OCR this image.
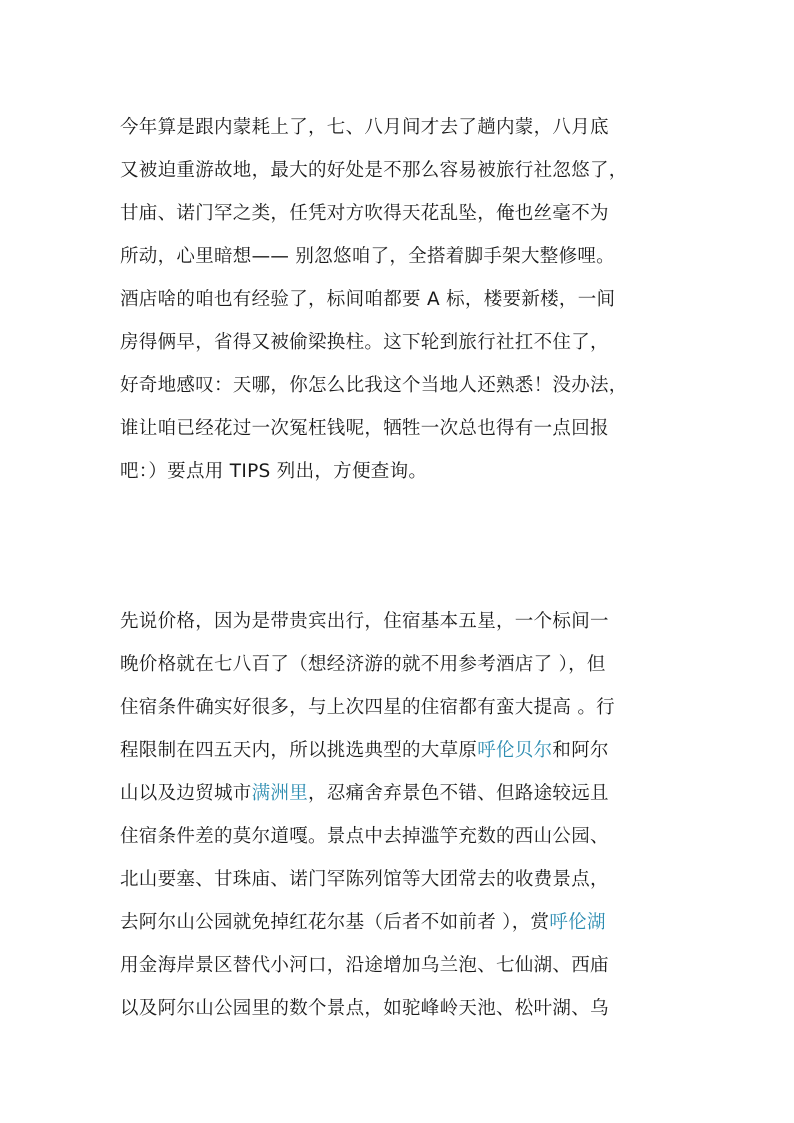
今年算是跟内蒙耗上了，七、八月间才去了趟内蒙，八月底
又被迫重游故地，最大的好处是不那么容易被旅行社忽悠了，
甘庙、诺门罕之类，任凭对方吹得天花乱坠，俺也丝毫不为
所动，心里暗想—— 别忽悠咱了，全搭着脚手架大整修哩。
酒店啥的咱也有经验了，标间咱都要 A 标，楼要新楼，一间
房得俩早，省得又被偷梁换柱。这下轮到旅行社扛不住了，
好奇地感叹：天哪，你怎么比我这个当地人还熟悉！没办法，
谁让咱已经花过一次冤枉钱呢，牺牲一次总也得有一点回报
吧：）要点用 TIPS 列出，方便查询。
先说价格，因为是带贵宾出行，住宿基本五星，一个标间一
晚价格就在七八百了（想经济游的就不用参考酒店了 ），但
住宿条件确实好很多，与上次四星的住宿都有蛮大提高 。行
程限制在四五天内，所以挑选典型的大草原呼伦贝尔和阿尔
山以及边贸城市满洲里，忍痛舍弃景色不错、但路途较远且
住宿条件差的莫尔道嘎。景点中去掉滥竽充数的西山公园、
北山要塞、甘珠庙、诺门罕陈列馆等大团常去的收费景点，
去阿尔山公园就免掉红花尔基（后者不如前者 ），赏呼伦湖
用金海岸景区替代小河口，沿途增加乌兰泡、七仙湖、西庙
以及阿尔山公园里的数个景点，如驼峰岭天池、松叶湖、乌
